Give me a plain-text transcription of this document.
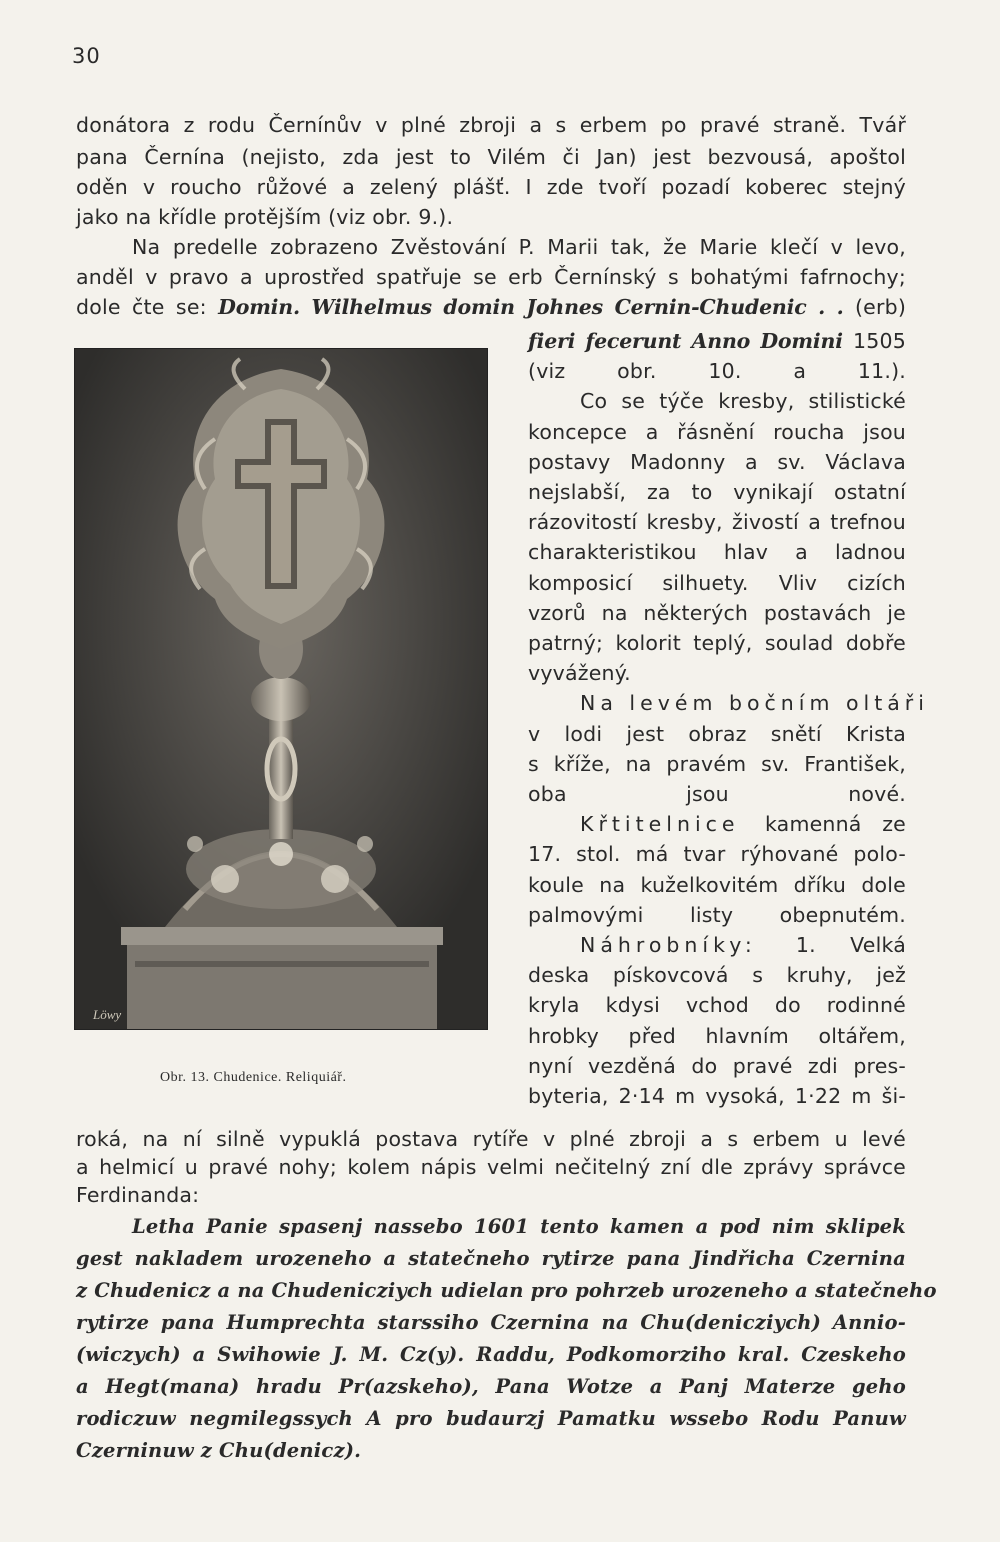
30
donátora z rodu Černínův v plné zbroji a s erbem po pravé straně. Tvář
pana Černína (nejisto, zda jest to Vilém či Jan) jest bezvousá, apoštol
oděn v roucho růžové a zelený plášť. I zde tvoří pozadí koberec stejný
jako na křídle protějším (viz obr. 9.).
Na predelle zobrazeno Zvěstování P. Marii tak, že Marie klečí v levo,
anděl v pravo a uprostřed spatřuje se erb Černínský s bohatými fafrnochy;
dole čte se: Domin. Wilhelmus domin Johnes Cernin-Chudenic . . (erb)
fieri fecerunt Anno Domini 1505
(viz obr. 10. a 11.).
Co se týče kresby, stilistické
koncepce a řásnění roucha jsou
postavy Madonny a sv. Václava
nejslabší, za to vynikají ostatní
rázovitostí kresby, živostí a trefnou
charakteristikou hlav a ladnou
komposicí silhuety. Vliv cizích
vzorů na některých postavách je
patrný; kolorit teplý, soulad dobře
vyvážený.
Na levém bočním oltáři
v lodi jest obraz snětí Krista
s kříže, na pravém sv. František,
oba jsou nové.
Křtitelnice kamenná ze
17. stol. má tvar rýhované polo-
koule na kuželkovitém dříku dole
palmovými listy obepnutém.
Náhrobníky: 1. Velká
deska pískovcová s kruhy, jež
kryla kdysi vchod do rodinné
hrobky před hlavním oltářem,
nyní vezděná do pravé zdi pres-
byteria, 2·14 m vysoká, 1·22 m ši-
Löwy
Obr. 13. Chudenice. Reliquiář.
roká, na ní silně vypuklá postava rytíře v plné zbroji a s erbem u levé
a helmicí u pravé nohy; kolem nápis velmi nečitelný zní dle zprávy správce
Ferdinanda:
Letha Panie spasenj nassebo 1601 tento kamen a pod nim sklipek
gest nakladem urozeneho a statečneho rytirze pana Jindřicha Czernina
z Chudenicz a na Chudenicziych udielan pro pohrzeb urozeneho a statečneho
rytirze pana Humprechta starssiho Czernina na Chu(denicziych) Annio-
(wiczych) a Swihowie J. M. Cz(y). Raddu, Podkomorziho kral. Czeskeho
a Hegt(mana) hradu Pr(azskeho), Pana Wotze a Panj Materze geho
rodiczuw negmilegssych A pro budaurzj Pamatku wssebo Rodu Panuw
Czerninuw z Chu(denicz).
